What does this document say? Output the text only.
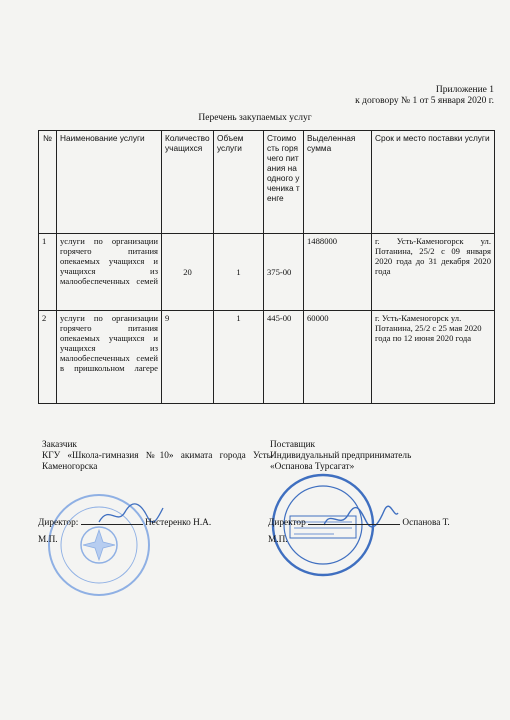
Приложение 1
к договору № 1 от 5 января 2020 г.
Перечень закупаемых услуг
№	Наименование услуги	Количество учащихся	Объем услуги	Стоимость горячего питания на одного ученика тенге	Выделенная сумма	Срок и место поставки услуги
1	услуги по организации горячего питания опекаемых учащихся и учащихся из малообеспеченных семей	20	1	375-00	1488000	г. Усть-Каменогорск ул. Потанина, 25/2 с 09 января 2020 года до 31 декабря 2020 года
2	услуги по организации горячего питания опекаемых учащихся и учащихся из малообеспеченных семей в пришкольном лагере	9	1	445-00	60000	г. Усть-Каменогорск ул. Потанина, 25/2 с 25 мая 2020 года по 12 июня 2020 года
Заказчик
КГУ «Школа-гимназия №10» акимата города Усть-Каменогорска
Поставщик
Индивидуальный предприниматель
«Оспанова Турсагат»
Директор:	Нестеренко Н.А.
М.П.
Директор	Оспанова Т.
М.П.
